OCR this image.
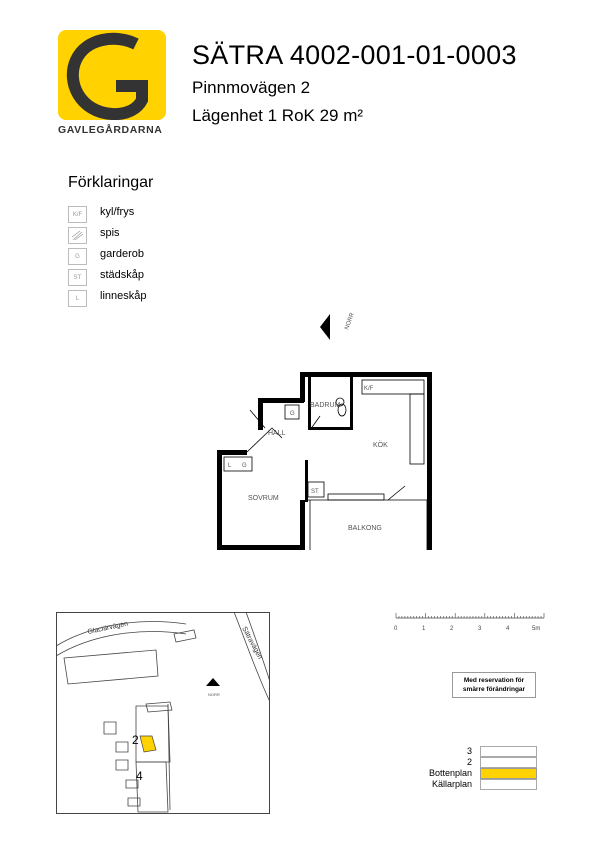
GAVLEGÅRDARNA
SÄTRA 4002-001-01-0003
Pinnmovägen 2
Lägenhet 1 RoK 29 m²
Förklaringar
K/F	kyl/frys
spis
G	garderob
ST	städskåp
L	linneskåp
NORR
BADRUM
HALL
KÖK
SOVRUM
BALKONG
K/F
G
L G
ST
0	1	2	3	4	5m
Med reservation för
smärre förändringar
NORR
Glaciärvägen	Sätravägen
2
4
3
2
Bottenplan
Källarplan
